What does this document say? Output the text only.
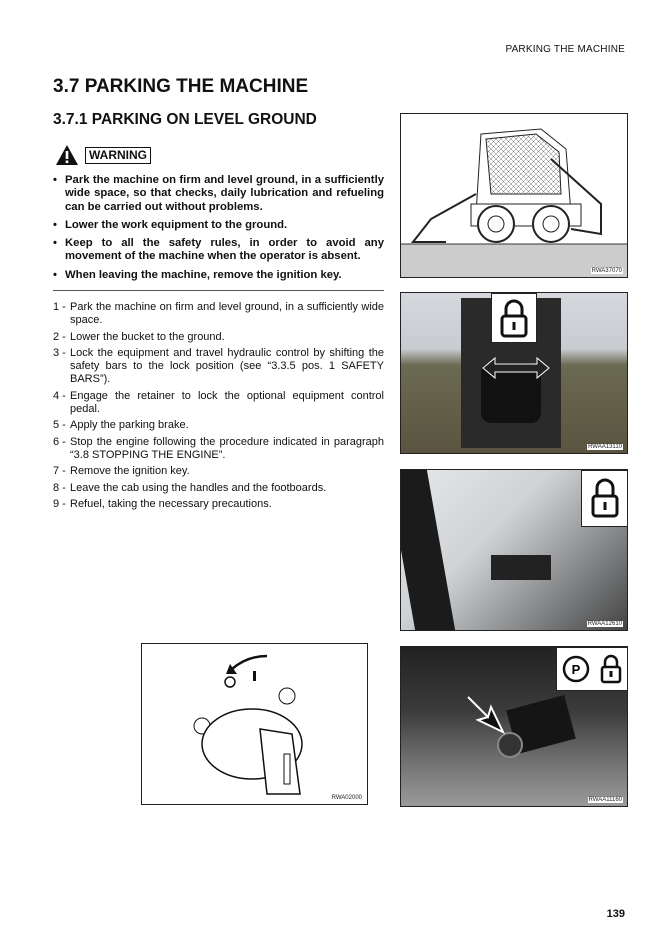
PARKING THE MACHINE
3.7 PARKING THE MACHINE
3.7.1 PARKING ON LEVEL GROUND
WARNING
• Park the machine on firm and level ground, in a sufficiently wide space, so that checks, daily lubrication and refueling can be carried out without problems.
• Lower the work equipment to the ground.
• Keep to all the safety rules, in order to avoid any movement of the machine when the operator is absent.
• When leaving the machine, remove the ignition key.
1 - Park the machine on firm and level ground, in a sufficiently wide space.
2 - Lower the bucket to the ground.
3 - Lock the equipment and travel hydraulic control by shifting the safety bars to the lock position (see “3.3.5 pos. 1 SAFETY BARS”).
4 - Engage the retainer to lock the optional equipment control pedal.
5 - Apply the parking brake.
6 - Stop the engine following the procedure indicated in paragraph “3.8 STOPPING THE ENGINE”.
7 - Remove the ignition key.
8 - Leave the cab using the handles and the footboards.
9 - Refuel, taking the necessary precautions.
RWA37070
RWAA13110
RWAA12610
RWA02000
P
RWAA11160
139
